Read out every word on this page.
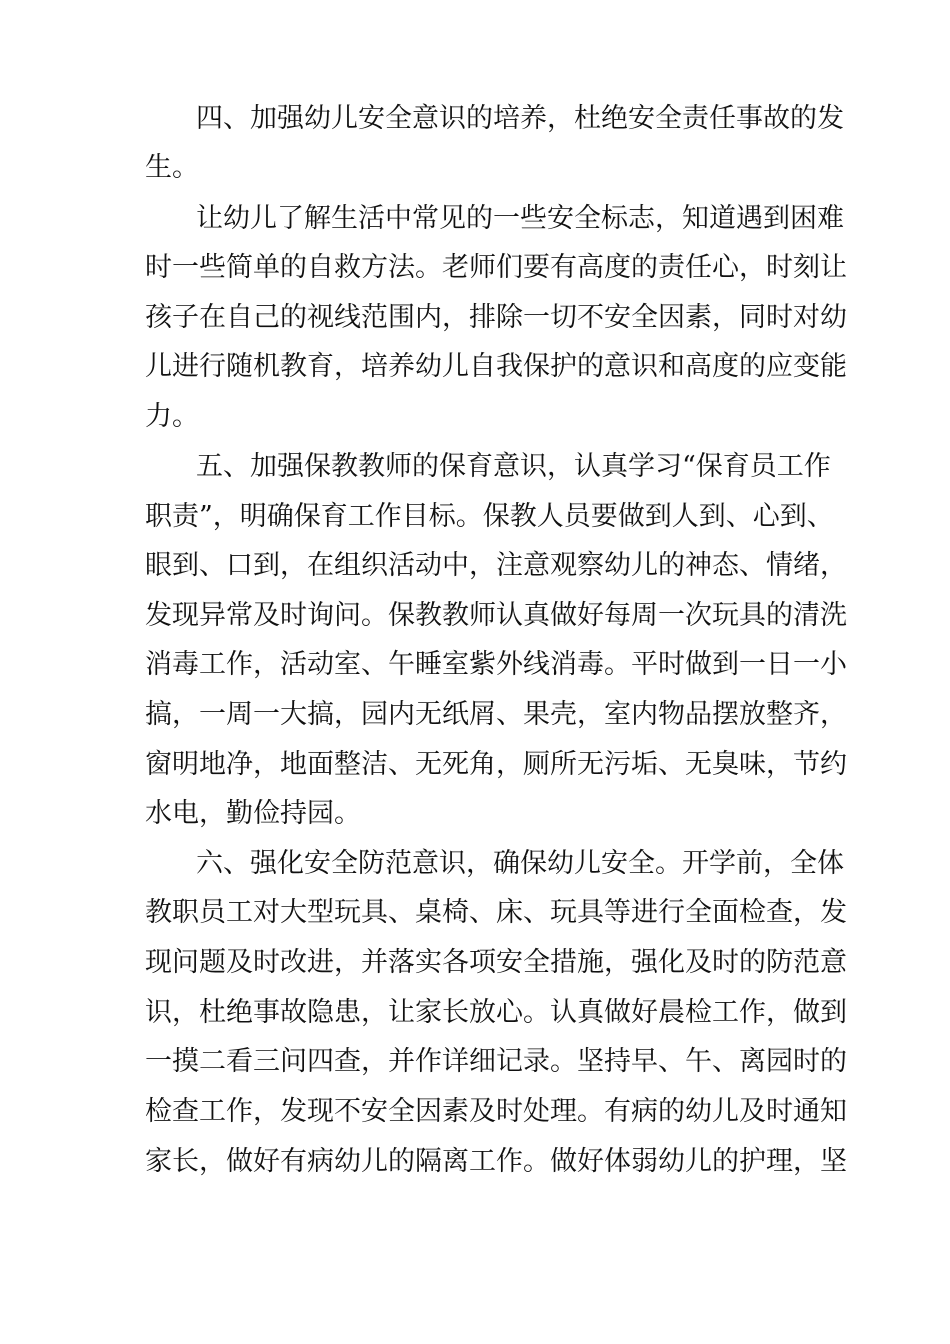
四、加强幼儿安全意识的培养，杜绝安全责任事故的发
生。
让幼儿了解生活中常见的一些安全标志，知道遇到困难
时一些简单的自救方法。老师们要有高度的责任心，时刻让
孩子在自己的视线范围内，排除一切不安全因素，同时对幼
儿进行随机教育，培养幼儿自我保护的意识和高度的应变能
力。
五、加强保教教师的保育意识，认真学习“保育员工作
职责”，明确保育工作目标。保教人员要做到人到、心到、
眼到、口到，在组织活动中，注意观察幼儿的神态、情绪，
发现异常及时询问。保教教师认真做好每周一次玩具的清洗
消毒工作，活动室、午睡室紫外线消毒。平时做到一日一小
搞，一周一大搞，园内无纸屑、果壳，室内物品摆放整齐，
窗明地净，地面整洁、无死角，厕所无污垢、无臭味，节约
水电，勤俭持园。
六、强化安全防范意识，确保幼儿安全。开学前，全体
教职员工对大型玩具、桌椅、床、玩具等进行全面检查，发
现问题及时改进，并落实各项安全措施，强化及时的防范意
识，杜绝事故隐患，让家长放心。认真做好晨检工作，做到
一摸二看三问四查，并作详细记录。坚持早、午、离园时的
检查工作，发现不安全因素及时处理。有病的幼儿及时通知
家长，做好有病幼儿的隔离工作。做好体弱幼儿的护理，坚
